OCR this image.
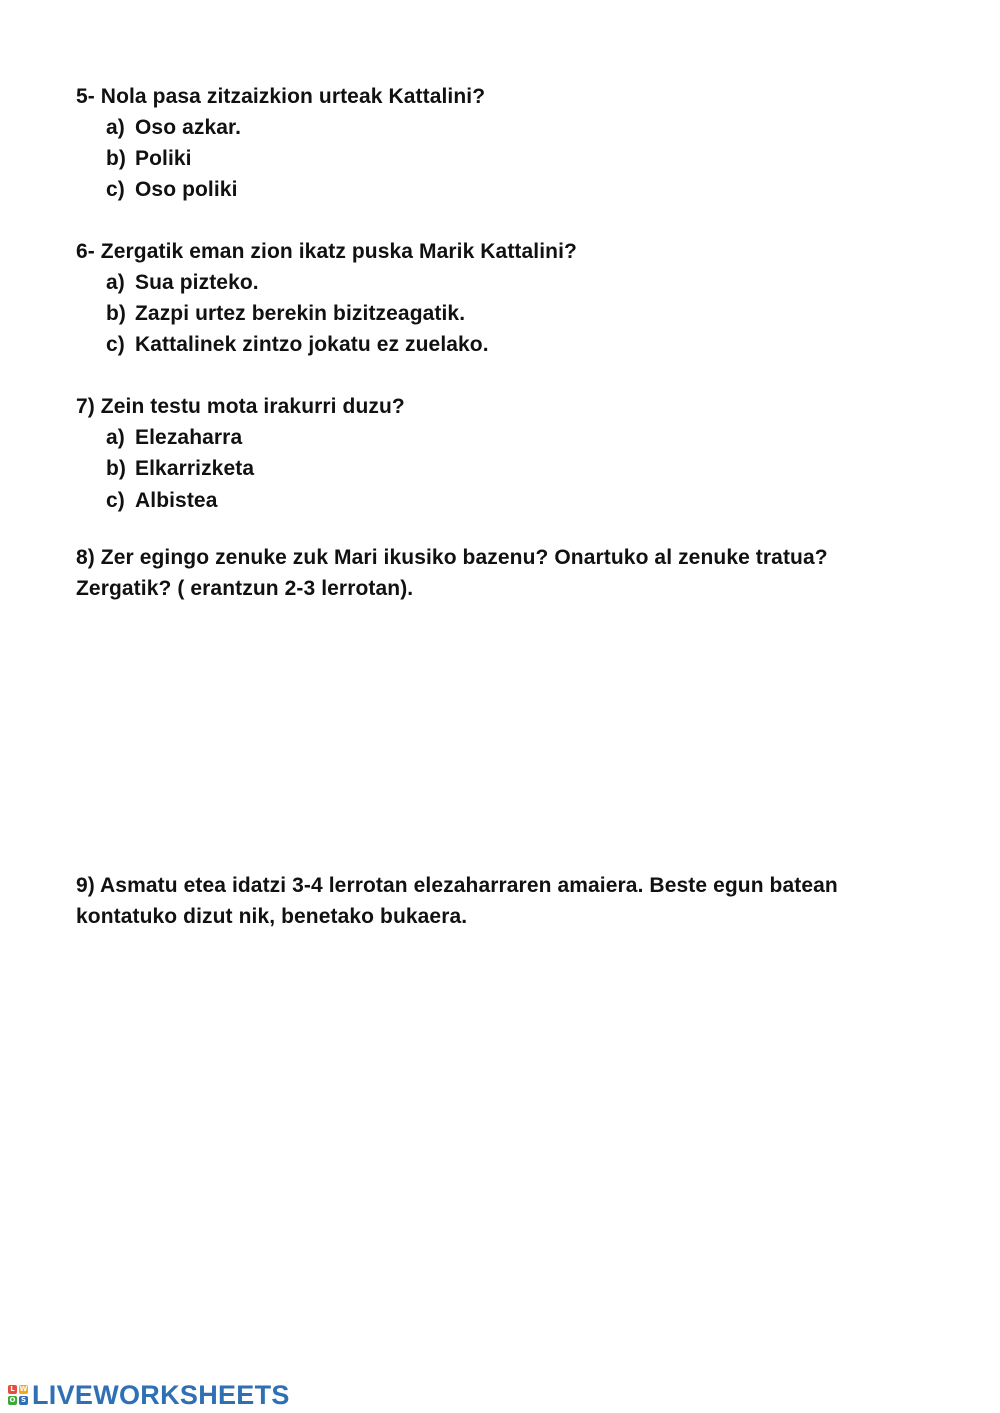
5- Nola pasa zitzaizkion urteak Kattalini?
a) Oso azkar.
b) Poliki
c) Oso poliki
6- Zergatik eman zion ikatz puska Marik Kattalini?
a) Sua pizteko.
b) Zazpi urtez berekin bizitzeagatik.
c) Kattalinek zintzo jokatu ez zuelako.
7) Zein testu mota irakurri duzu?
a) Elezaharra
b) Elkarrizketa
c) Albistea
8) Zer egingo zenuke zuk Mari ikusiko bazenu? Onartuko al zenuke tratua?
Zergatik? ( erantzun 2-3 lerrotan).
9) Asmatu etea idatzi 3-4 lerrotan elezaharraren amaiera. Beste egun batean
kontatuko dizut nik, benetako bukaera.
L W
O S LIVEWORKSHEETS
